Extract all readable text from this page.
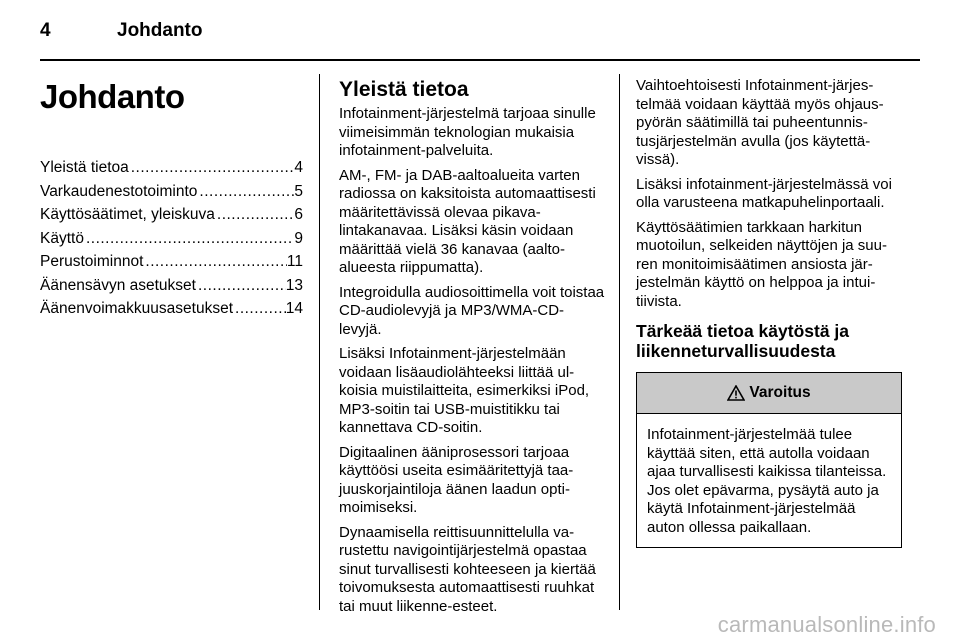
4	Johdanto
Johdanto
Yleistä tietoa .....	4
Varkaudenestotoiminto .....	5
Käyttösäätimet, yleiskuva .....	6
Käyttö .....	9
Perustoiminnot .....	11
Äänensävyn asetukset .....	13
Äänenvoimakkuusasetukset .....	14
Yleistä tietoa

Infotainment-järjestelmä tarjoaa sinulle viimeisimmän teknologian mukaisia infotainment-palveluita.

AM-, FM- ja DAB-aaltoalueita varten radiossa on kaksitoista automaattisesti määritettävissä olevaa pikavalintakanavaa. Lisäksi käsin voidaan määrittää vielä 36 kanavaa (aaltoalueesta riippumatta).

Integroidulla audiosoittimella voit toistaa CD-audiolevyjä ja MP3/WMA-CD-levyjä.

Lisäksi Infotainment-järjestelmään voidaan lisäaudiolähteeksi liittää ulkoisia muistilaitteita, esimerkiksi iPod, MP3-soitin tai USB-muistitikku tai kannettava CD-soitin.

Digitaalinen ääniprosessori tarjoaa käyttöösi useita esimääritettyjä taajuuskorjaintiloja äänen laadun optimoimiseksi.

Dynaamisella reittisuunnittelulla varustettu navigointijärjestelmä opastaa sinut turvallisesti kohteeseen ja kiertää toivomuksesta automaattisesti ruuhkat tai muut liikenne-esteet.

Vaihtoehtoisesti Infotainment-järjestelmää voidaan käyttää myös ohjauspyörän säätimillä tai puheentunnistusjärjestelmän avulla (jos käytettävissä).

Lisäksi infotainment-järjestelmässä voi olla varusteena matkapuhelinportaali.

Käyttösäätimien tarkkaan harkitun muotoilun, selkeiden näyttöjen ja suuren monitoimisäätimen ansiosta järjestelmän käyttö on helppoa ja intuitiivista.

Tärkeää tietoa käytöstä ja liikenneturvallisuudesta
Varoitus

Infotainment-järjestelmää tulee käyttää siten, että autolla voidaan ajaa turvallisesti kaikissa tilanteissa. Jos olet epävarma, pysäytä auto ja käytä Infotainment-järjestelmää auton ollessa paikallaan.

carmanualsonline.info
